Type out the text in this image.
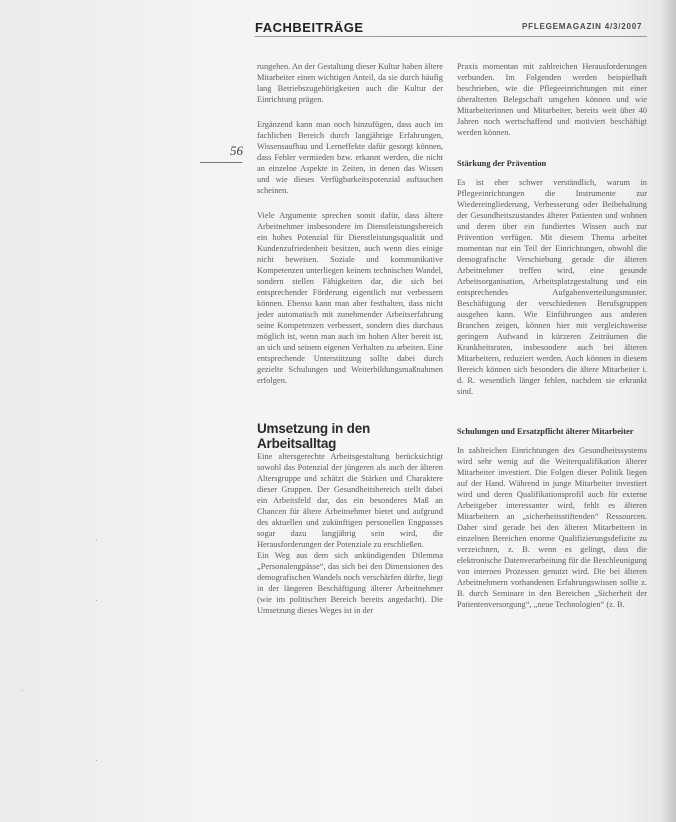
FACHBEITRÄGE	PFLEGEMAGAZIN 4/3/2007
56

rungehen. An der Gestaltung dieser Kultur haben ältere Mitarbeiter einen wichtigen Anteil, da sie durch häufig lang Betriebszugehörigkeiten auch die Kultur der Einrichtung prägen.

Ergänzend kann man noch hinzufügen, dass auch im fachlichen Bereich durch langjährige Erfahrungen, Wissensaufbau und Lerneffekte dafür gesorgt können, dass Fehler vermieden bzw. erkannt werden, die nicht an einzelne Aspekte in Zeiten, in denen das Wissen und wie dieses Verfügbarkeitspotenzial auftauchen scheinen.

Viele Argumente sprechen somit dafür, dass ältere Arbeitnehmer insbesondere im Dienstleistungsbereich ein hohes Potenzial für Dienstleistungsqualität und Kundenzufriedenheit besitzen, auch wenn dies einige nicht beweisen. Soziale und kommunikative Kompetenzen unterliegen keinem technischen Wandel, sondern stellen Fähigkeiten dar, die sich bei entsprechender Förderung eigentlich nur verbessern können. Ebenso kann man aber festhalten, dass nicht jeder automatisch mit zunehmender Arbeitserfahrung seine Kompetenzen verbessert, sondern dies durchaus möglich ist, wenn man auch im hohen Alter bereit ist, an sich und seinem eigenen Verhalten zu arbeiten. Eine entsprechende Unterstützung sollte dabei durch gezielte Schulungen und Weiterbildungsmaßnahmen erfolgen.

Umsetzung in den Arbeitsalltag

Eine altersgerechte Arbeitsgestaltung berücksichtigt sowohl das Potenzial der jüngeren als auch der älteren Altersgruppe und schätzt die Stärken und Charaktere dieser Gruppen. Der Gesundheitsbereich stellt dabei ein Arbeitsfeld dar, das ein besonderes Maß an Chancen für ältere Arbeitnehmer bietet und aufgrund des aktuellen und zukünftigen personellen Engpasses sogar dazu langjährig sein wird, die Herausforderungen der Potenziale zu erschließen.

Ein Weg aus dem sich ankündigenden Dilemma „Personalengpässe“, das sich bei den Dimensionen des demografischen Wandels noch verschärfen dürfte, liegt in der längeren Beschäftigung älterer Arbeitnehmer (wie im politischen Bereich bereits angedacht). Die Umsetzung dieses Weges ist in der

Praxis momentan mit zahlreichen Herausforderungen verbunden. Im Folgenden werden beispielhaft beschrieben, wie die Pflegeeinrichtungen mit einer überalterten Belegschaft umgehen können und wie Mitarbeiterinnen und Mitarbeiter, bereits weit über 40 Jahren noch wertschaffend und motiviert beschäftigt werden können.

Stärkung der Prävention

Es ist eher schwer verständlich, warum in Pflegeeinrichtungen die Instrumente zur Wiedereingliederung, Verbesserung oder Beibehaltung der Gesundheitszustandes älterer Patienten und wohnen und deren über ein fundiertes Wissen auch zur Prävention verfügen. Mit diesem Thema arbeitet momentan nur ein Teil der Einrichtungen, obwohl die demografische Verschiebung gerade die älteren Arbeitnehmer treffen wird, eine gesunde Arbeitsorganisation, Arbeitsplatzgestaltung und ein entsprechendes Aufgabenverteilungsmuster. Beschäftigung der verschiedenen Berufsgruppen ausgehen kann. Wie Einführungen aus anderen Branchen zeigen, können hier mit vergleichsweise geringem Aufwand in kürzeren Zeiträumen die Krankheitsraten, insbesondere auch bei älteren Mitarbeitern, reduziert werden. Auch können in diesem Bereich können sich besonders die ältere Mitarbeiter i. d. R. wesentlich länger fehlen, nachdem sie erkrankt sind.

Schulungen und Ersatzpflicht älterer Mitarbeiter

In zahlreichen Einrichtungen des Gesundheitssystems wird sehr wenig auf die Weiterqualifikation älterer Mitarbeiter investiert. Die Folgen dieser Politik liegen auf der Hand. Während in junge Mitarbeiter investiert wird und deren Qualifikationsprofil auch für externe Arbeitgeber interessanter wird, fehlt es älteren Mitarbeitern an „sicherheitsstiftenden“ Ressourcen. Daher sind gerade bei den älteren Mitarbeitern in einzelnen Bereichen enorme Qualifizierungsdefizite zu verzeichnen, z. B. wenn es gelingt, dass die elektronische Datenverarbeitung für die Beschleunigung von internen Prozessen genutzt wird. Die bei älteren Arbeitnehmern vorhandenen Erfahrungswissen sollte z. B. durch Seminare in den Bereichen „Sicherheit der Patientenversorgung“, „neue Technologien“ (z. B.
